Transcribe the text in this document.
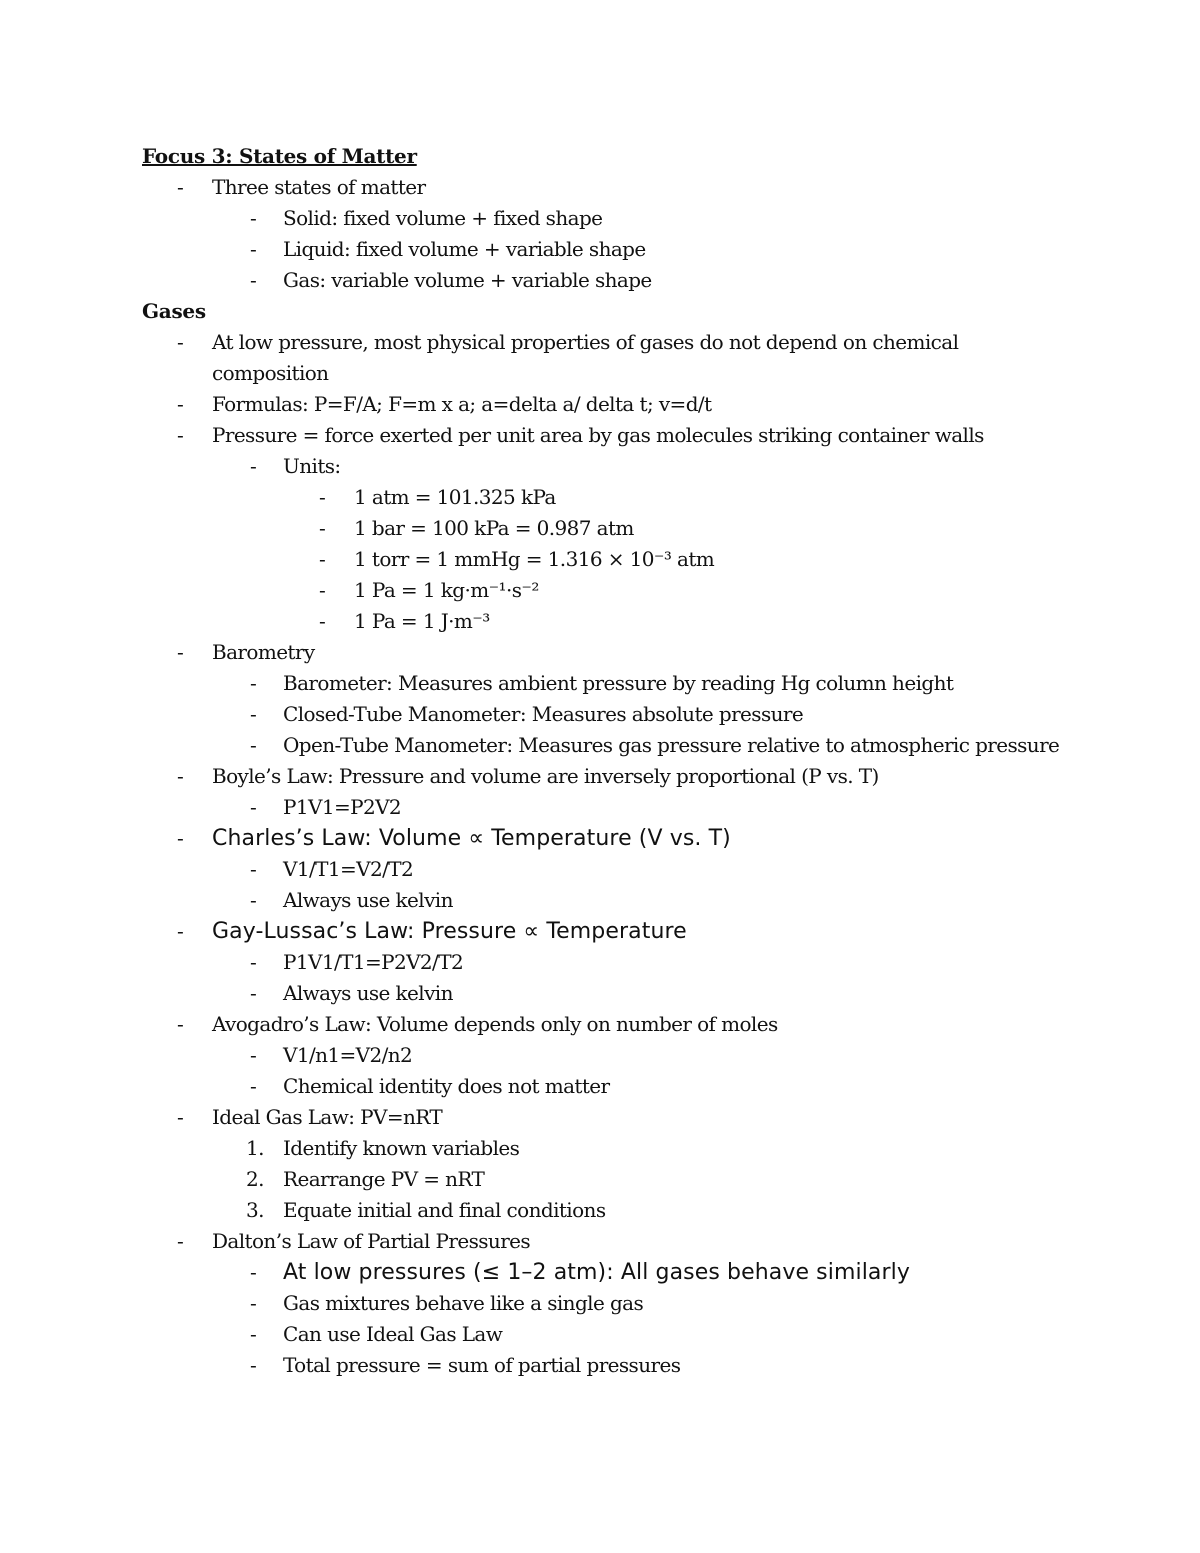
Focus 3: States of Matter
-	Three states of matter
-	Solid: fixed volume + fixed shape
-	Liquid: fixed volume + variable shape
-	Gas: variable volume + variable shape
Gases
-	At low pressure, most physical properties of gases do not depend on chemical
composition
-	Formulas: P=F/A; F=m x a; a=delta a/ delta t; v=d/t
-	Pressure = force exerted per unit area by gas molecules striking container walls
-	Units:
-	1 atm = 101.325 kPa
-	1 bar = 100 kPa = 0.987 atm
-	1 torr = 1 mmHg = 1.316 × 10⁻³ atm
-	1 Pa = 1 kg·m⁻¹·s⁻²
-	1 Pa = 1 J·m⁻³
-	Barometry
-	Barometer: Measures ambient pressure by reading Hg column height
-	Closed-Tube Manometer: Measures absolute pressure
-	Open-Tube Manometer: Measures gas pressure relative to atmospheric pressure
-	Boyle’s Law: Pressure and volume are inversely proportional (P vs. T)
-	P1V1=P2V2
-	Charles’s Law: Volume ∝ Temperature (V vs. T)
-	V1/T1=V2/T2
-	Always use kelvin
-	Gay-Lussac’s Law: Pressure ∝ Temperature
-	P1V1/T1=P2V2/T2
-	Always use kelvin
-	Avogadro’s Law: Volume depends only on number of moles
-	V1/n1=V2/n2
-	Chemical identity does not matter
-	Ideal Gas Law: PV=nRT
1. Identify known variables
2. Rearrange PV = nRT
3. Equate initial and final conditions
-	Dalton’s Law of Partial Pressures
-	At low pressures (≤ 1–2 atm): All gases behave similarly
-	Gas mixtures behave like a single gas
-	Can use Ideal Gas Law
-	Total pressure = sum of partial pressures
